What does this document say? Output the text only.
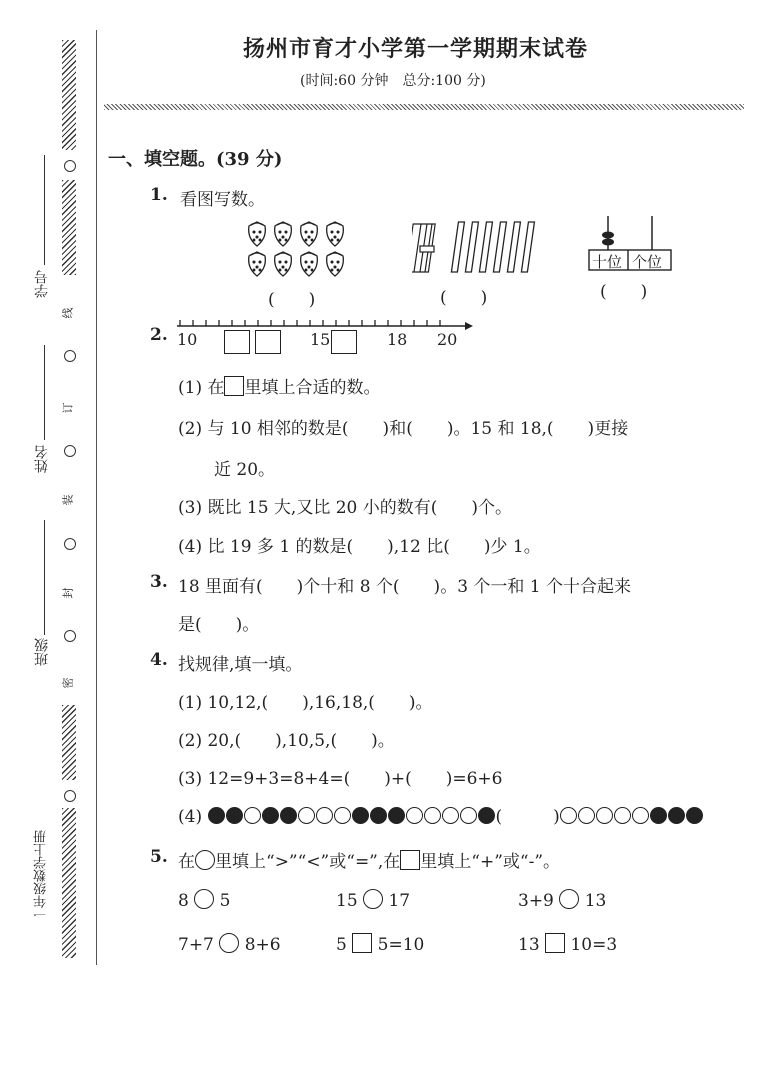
线
订
装
封
密
学号
姓名
班级
一年级数学上册
扬州市育才小学第一学期期末试卷
(时间:60 分钟　总分:100 分)
一、填空题。(39 分)
1. 看图写数。
(　　)	(　　)
十位 个位
(　　)
2. 10	15	18 20
(1) 在 里填上合适的数。
(2) 与 10 相邻的数是(　　)和(　　)。15 和 18,(　　)更接
近 20。
(3) 既比 15 大,又比 20 小的数有(　　)个。
(4) 比 19 多 1 的数是(　　),12 比(　　)少 1。
3. 18 里面有(　　)个十和 8 个(　　)。3 个一和 1 个十合起来
是(　　)。
4. 找规律,填一填。
(1) 10,12,(　　),16,18,(　　)。
(2) 20,(　　),10,5,(　　)。
(3) 12=9+3=8+4=(　　)+(　　)=6+6
(4)	(　　　)
5. 在 里填上“>”“<”或“=”,在 里填上“+”或“-”。
8 5	15 17	3+9 13
7+7 8+6	5 5=10	13 10=3
